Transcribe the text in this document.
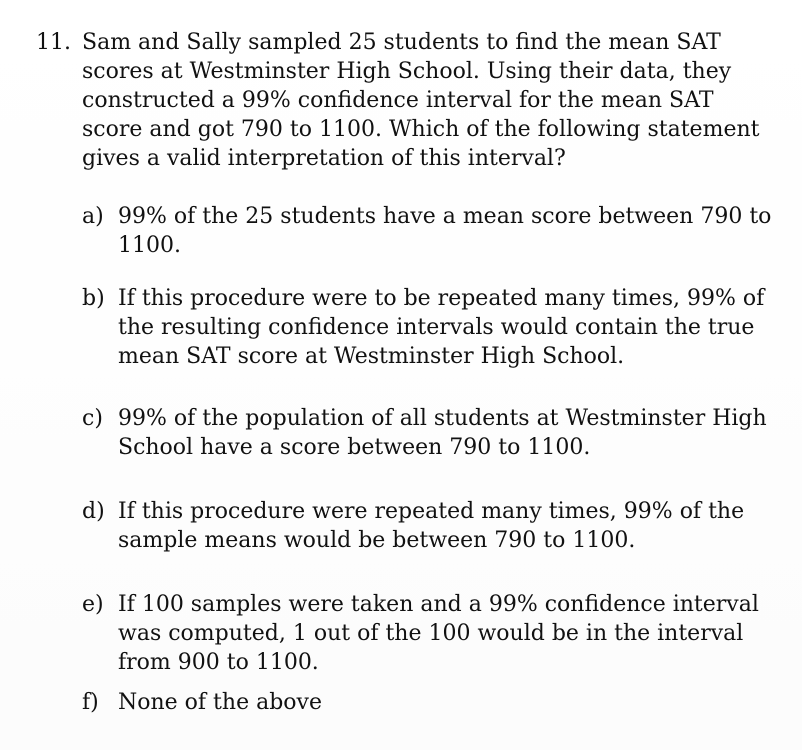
11. Sam and Sally sampled 25 students to find the mean SAT scores at Westminster High School. Using their data, they constructed a 99% confidence interval for the mean SAT score and got 790 to 1100. Which of the following statement gives a valid interpretation of this interval?
a) 99% of the 25 students have a mean score between 790 to 1100.
b) If this procedure were to be repeated many times, 99% of the resulting confidence intervals would contain the true mean SAT score at Westminster High School.
c) 99% of the population of all students at Westminster High School have a score between 790 to 1100.
d) If this procedure were repeated many times, 99% of the sample means would be between 790 to 1100.
e) If 100 samples were taken and a 99% confidence interval was computed, 1 out of the 100 would be in the interval from 900 to 1100.
f) None of the above
